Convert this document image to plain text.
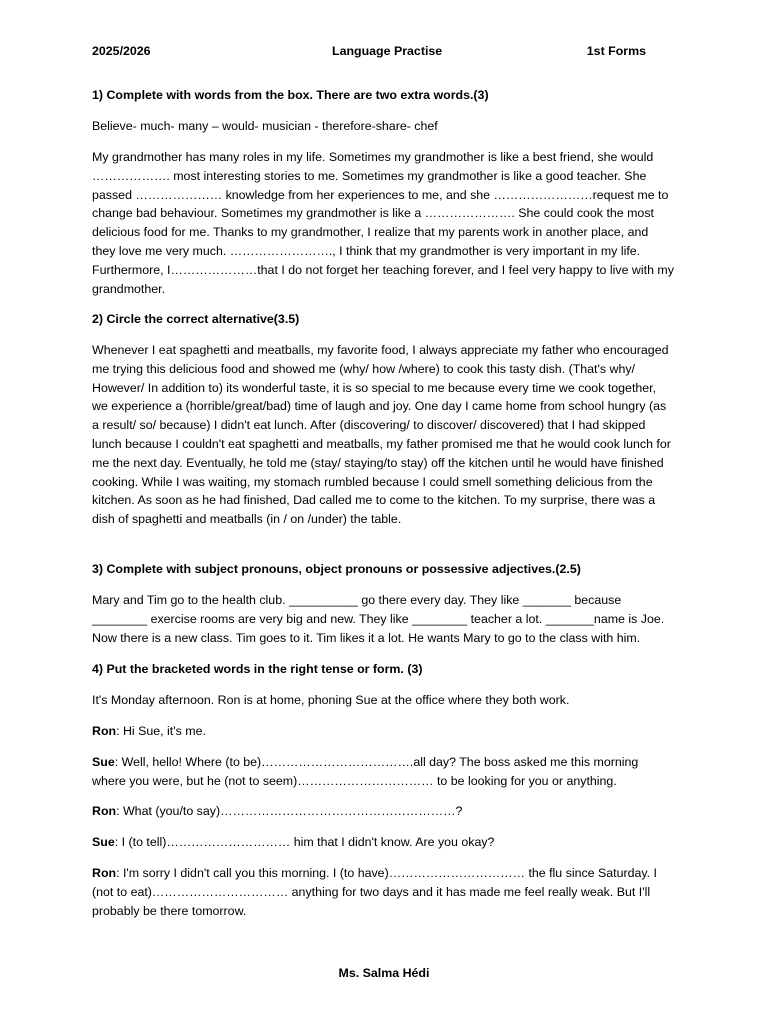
2025/2026	Language Practise	1st Forms

1) Complete with words from the box. There are two extra words.(3)

Believe- much- many – would- musician - therefore-share- chef

My grandmother has many roles in my life. Sometimes my grandmother is like a best friend, she would ………………. most interesting stories to me. Sometimes my grandmother is like a good teacher. She passed ………………… knowledge from her experiences to me, and she ……………………request me to change bad behaviour. Sometimes my grandmother is like a …………………. She could cook the most delicious food for me. Thanks to my grandmother, I realize that my parents work in another place, and they love me very much. ……………………., I think that my grandmother is very important in my life. Furthermore, I…………………that I do not forget her teaching forever, and I feel very happy to live with my grandmother.

2) Circle the correct alternative(3.5)

Whenever I eat spaghetti and meatballs, my favorite food, I always appreciate my father who encouraged me trying this delicious food and showed me (why/ how /where) to cook this tasty dish. (That's why/ However/ In addition to) its wonderful taste, it is so special to me because every time we cook together, we experience a (horrible/great/bad) time of laugh and joy. One day I came home from school hungry (as a result/ so/ because) I didn't eat lunch. After (discovering/ to discover/ discovered) that I had skipped lunch because I couldn't eat spaghetti and meatballs, my father promised me that he would cook lunch for me the next day. Eventually, he told me (stay/ staying/to stay) off the kitchen until he would have finished cooking. While I was waiting, my stomach rumbled because I could smell something delicious from the kitchen. As soon as he had finished, Dad called me to come to the kitchen. To my surprise, there was a dish of spaghetti and meatballs (in / on /under) the table.

3) Complete with subject pronouns, object pronouns or possessive adjectives.(2.5)

Mary and Tim go to the health club. __________ go there every day. They like _______ because ________ exercise rooms are very big and new. They like ________ teacher a lot. _______name is Joe. Now there is a new class. Tim goes to it. Tim likes it a lot. He wants Mary to go to the class with him.

4) Put the bracketed words in the right tense or form. (3)

It's Monday afternoon. Ron is at home, phoning Sue at the office where they both work.

Ron: Hi Sue, it's me.

Sue: Well, hello! Where (to be)……………………………….all day? The boss asked me this morning where you were, but he (not to seem)…………………………… to be looking for you or anything.

Ron: What (you/to say)…………………………………………………?

Sue: I (to tell)………………………… him that I didn't know. Are you okay?

Ron: I'm sorry I didn't call you this morning. I (to have)…………………………… the flu since Saturday. I (not to eat)…………………………… anything for two days and it has made me feel really weak. But I'll probably be there tomorrow.

Ms. Salma Hédi
